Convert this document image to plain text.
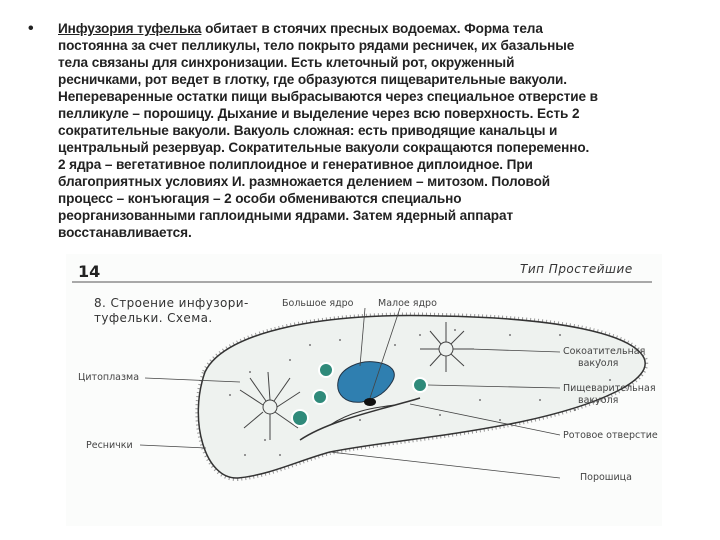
• Инфузория туфелька обитает в стоячих пресных водоемах. Форма тела
постоянна за счет пелликулы, тело покрыто рядами ресничек, их базальные
тела связаны для синхронизации. Есть клеточный рот, окруженный
ресничками, рот ведет в глотку, где образуются пищеварительные вакуоли.
Непереваренные остатки пищи выбрасываются через специальное отверстие в
пелликуле – порошицу. Дыхание и выделение через всю поверхность. Есть 2
сократительные вакуоли. Вакуоль сложная: есть приводящие канальцы и
центральный резервуар. Сократительные вакуоли сокращаются попеременно.
2 ядра – вегетативное полиплоидное и генеративное диплоидное. При
благоприятных условиях И. размножается делением – митозом. Половой
процесс – конъюгация – 2 особи обмениваются специально
реорганизованными гаплоидными ядрами. Затем ядерный аппарат
восстанавливается.
14	Тип Простейшие
8. Строение инфузори-
туфельки. Схема.
Большое ядро	Малое ядро
Цитоплазма
Реснички
Сокоатительная
вакуоля
Пищеварительная
вакуоля
Ротовое отверстие
Порошица
